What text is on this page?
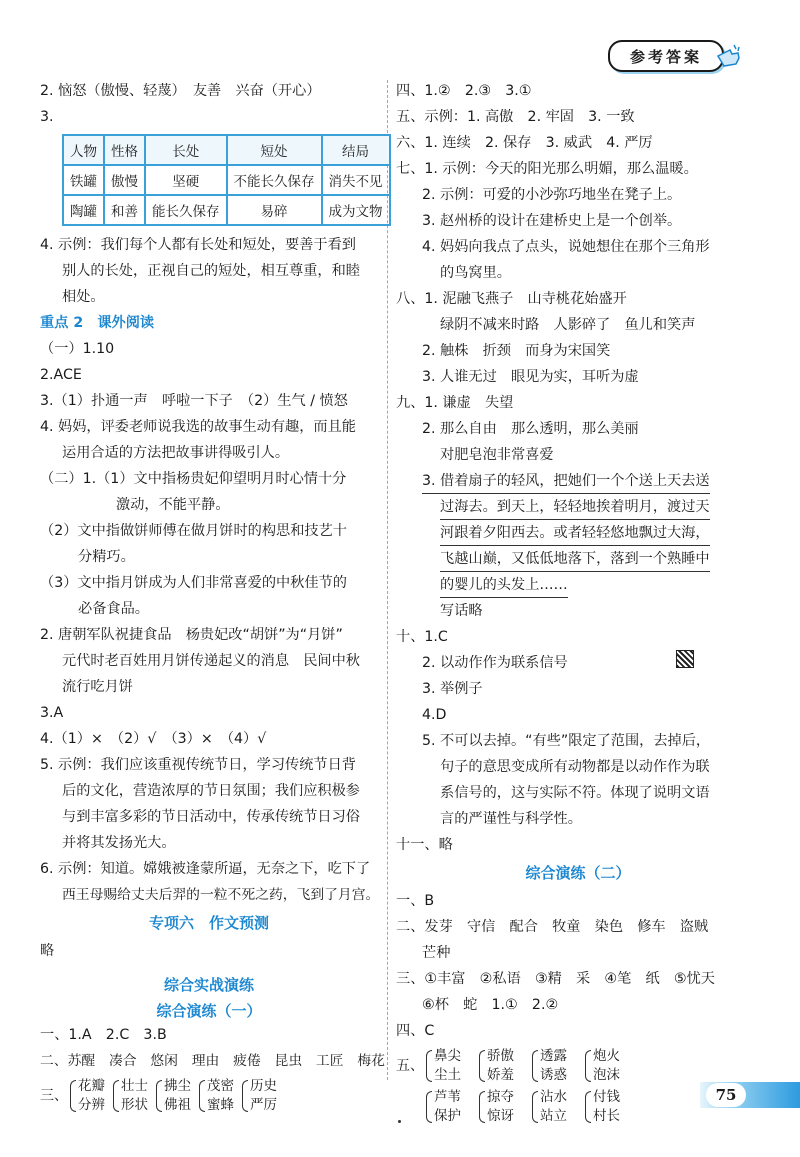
参考答案
2. 恼怒（傲慢、轻蔑）　友善　兴奋（开心）
3.
人物	性格	长处	短处	结局
铁罐	傲慢	坚硬	不能长久保存	消失不见
陶罐	和善	能长久保存	易碎	成为文物
4. 示例：我们每个人都有长处和短处，要善于看到
别人的长处，正视自己的短处，相互尊重，和睦
相处。
重点 2　课外阅读
（一）1.10
2.ACE
3.（1）扑通一声　呼啦一下子　（2）生气 / 愤怒
4. 妈妈，评委老师说我选的故事生动有趣，而且能
运用合适的方法把故事讲得吸引人。
（二）1.（1）文中指杨贵妃仰望明月时心情十分
激动，不能平静。
（2）文中指做饼师傅在做月饼时的构思和技艺十
分精巧。
（3）文中指月饼成为人们非常喜爱的中秋佳节的
必备食品。
2. 唐朝军队祝捷食品　杨贵妃改“胡饼”为“月饼”
元代时老百姓用月饼传递起义的消息　民间中秋
流行吃月饼
3.A
4.（1）×　（2）√　（3）×　（4）√
5. 示例：我们应该重视传统节日，学习传统节日背
后的文化，营造浓厚的节日氛围；我们应积极参
与到丰富多彩的节日活动中，传承传统节日习俗
并将其发扬光大。
6. 示例：知道。嫦娥被逢蒙所逼，无奈之下，吃下了
西王母赐给丈夫后羿的一粒不死之药，飞到了月宫。
专项六　作文预测
略
综合实战演练
综合演练（一）
一、1.A　2.C　3.B
二、苏醒　凑合　悠闲　理由　疲倦　昆虫　工匠　梅花
三、
花瓣
分辨
壮士
形状
拂尘
佛祖
茂密
蜜蜂
历史
严厉
四、1.②　2.③　3.①
五、示例：1. 高傲　2. 牢固　3. 一致
六、1. 连续　2. 保存　3. 威武　4. 严厉
七、1. 示例：今天的阳光那么明媚，那么温暖。
2. 示例：可爱的小沙弥巧地坐在凳子上。
3. 赵州桥的设计在建桥史上是一个创举。
4. 妈妈向我点了点头，说她想住在那个三角形
的鸟窝里。
八、1. 泥融飞燕子　山寺桃花始盛开
绿阴不减来时路　人影碎了　鱼儿和笑声
2. 触株　折颈　而身为宋国笑
3. 人谁无过　眼见为实，耳听为虚
九、1. 谦虚　失望
2. 那么自由　那么透明，那么美丽
对肥皂泡非常喜爱
3. 借着扇子的轻风，把她们一个个送上天去送
过海去。到天上，轻轻地挨着明月，渡过天
河跟着夕阳西去。或者轻轻悠地飘过大海，
飞越山巅，又低低地落下，落到一个熟睡中
的婴儿的头发上……
写话略
十、1.C
2. 以动作作为联系信号
3. 举例子
4.D
5. 不可以去掉。“有些”限定了范围，去掉后，
句子的意思变成所有动物都是以动作作为联
系信号的，这与实际不符。体现了说明文语
言的严谨性与科学性。
十一、略
综合演练（二）
一、B
二、发芽　守信　配合　牧童　染色　修车　盗贼
芒种
三、①丰富　②私语　③精　采　④笔　纸　⑤忧天
⑥杯　蛇　1.①　2.②
四、C
五、
鼻尖
尘土
骄傲
娇羞
透露
诱惑
炮火
泡沫
芦苇
保护
掠夺
惊讶
沾水
站立
付钱
村长
75
